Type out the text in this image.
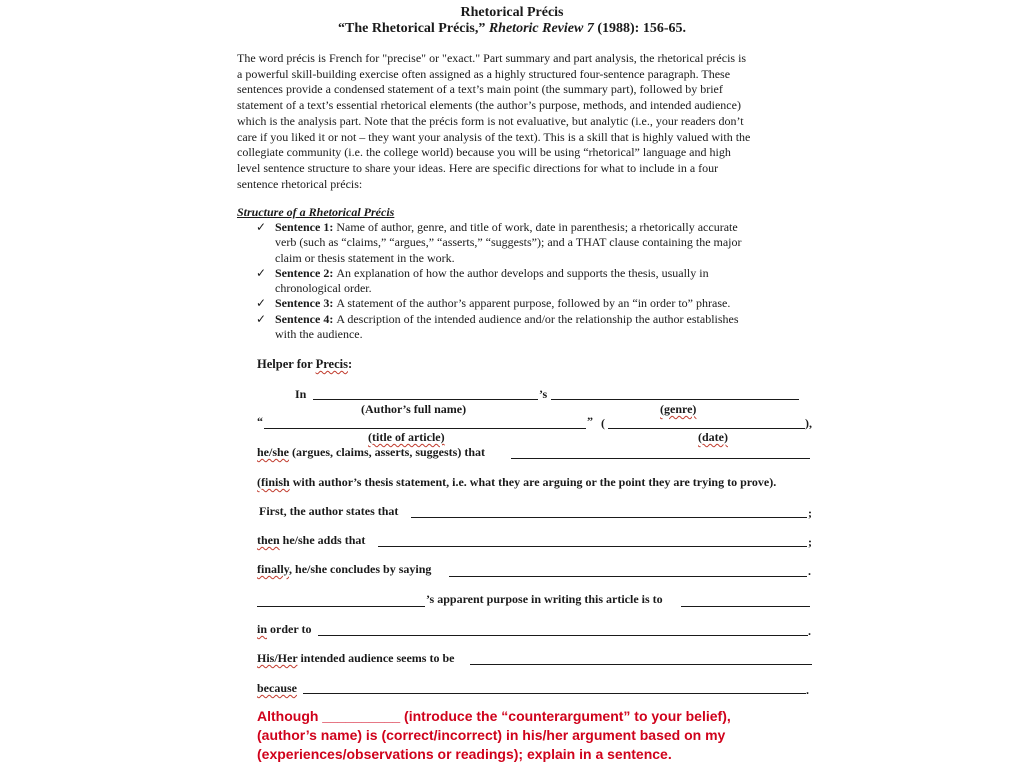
Rhetorical Précis
“The Rhetorical Précis,” Rhetoric Review 7 (1988): 156-65.

The word précis is French for "precise" or "exact." Part summary and part analysis, the rhetorical précis is

a powerful skill-building exercise often assigned as a highly structured four-sentence paragraph. These

sentences provide a condensed statement of a text’s main point (the summary part), followed by brief

statement of a text’s essential rhetorical elements (the author’s purpose, methods, and intended audience)

which is the analysis part. Note that the précis form is not evaluative, but analytic (i.e., your readers don’t

care if you liked it or not – they want your analysis of the text). This is a skill that is highly valued with the

collegiate community (i.e. the college world) because you will be using “rhetorical” language and high

level sentence structure to share your ideas. Here are specific directions for what to include in a four

sentence rhetorical précis:

Structure of a Rhetorical Précis
✓ Sentence 1: Name of author, genre, and title of work, date in parenthesis; a rhetorically accurate

verb (such as “claims,” “argues,” “asserts,” “suggests”); and a THAT clause containing the major

claim or thesis statement in the work.

✓ Sentence 2: An explanation of how the author develops and supports the thesis, usually in

chronological order.

✓ Sentence 3: A statement of the author’s apparent purpose, followed by an “in order to” phrase.

✓ Sentence 4: A description of the intended audience and/or the relationship the author establishes

with the audience.

Helper for Precis:
In	’s
(Author’s full name)	(genre)
“	” (	),
(title of article)	(date)
he/she (argues, claims, asserts, suggests) that
(finish with author’s thesis statement, i.e. what they are arguing or the point they are trying to prove).
First, the author states that	;
then he/she adds that	;
finally, he/she concludes by saying	.
’s apparent purpose in writing this article is to
in order to	.
His/Her intended audience seems to be
because	.

Although __________ (introduce the “counterargument” to your belief),

(author’s name) is (correct/incorrect) in his/her argument based on my

(experiences/observations or readings); explain in a sentence.
